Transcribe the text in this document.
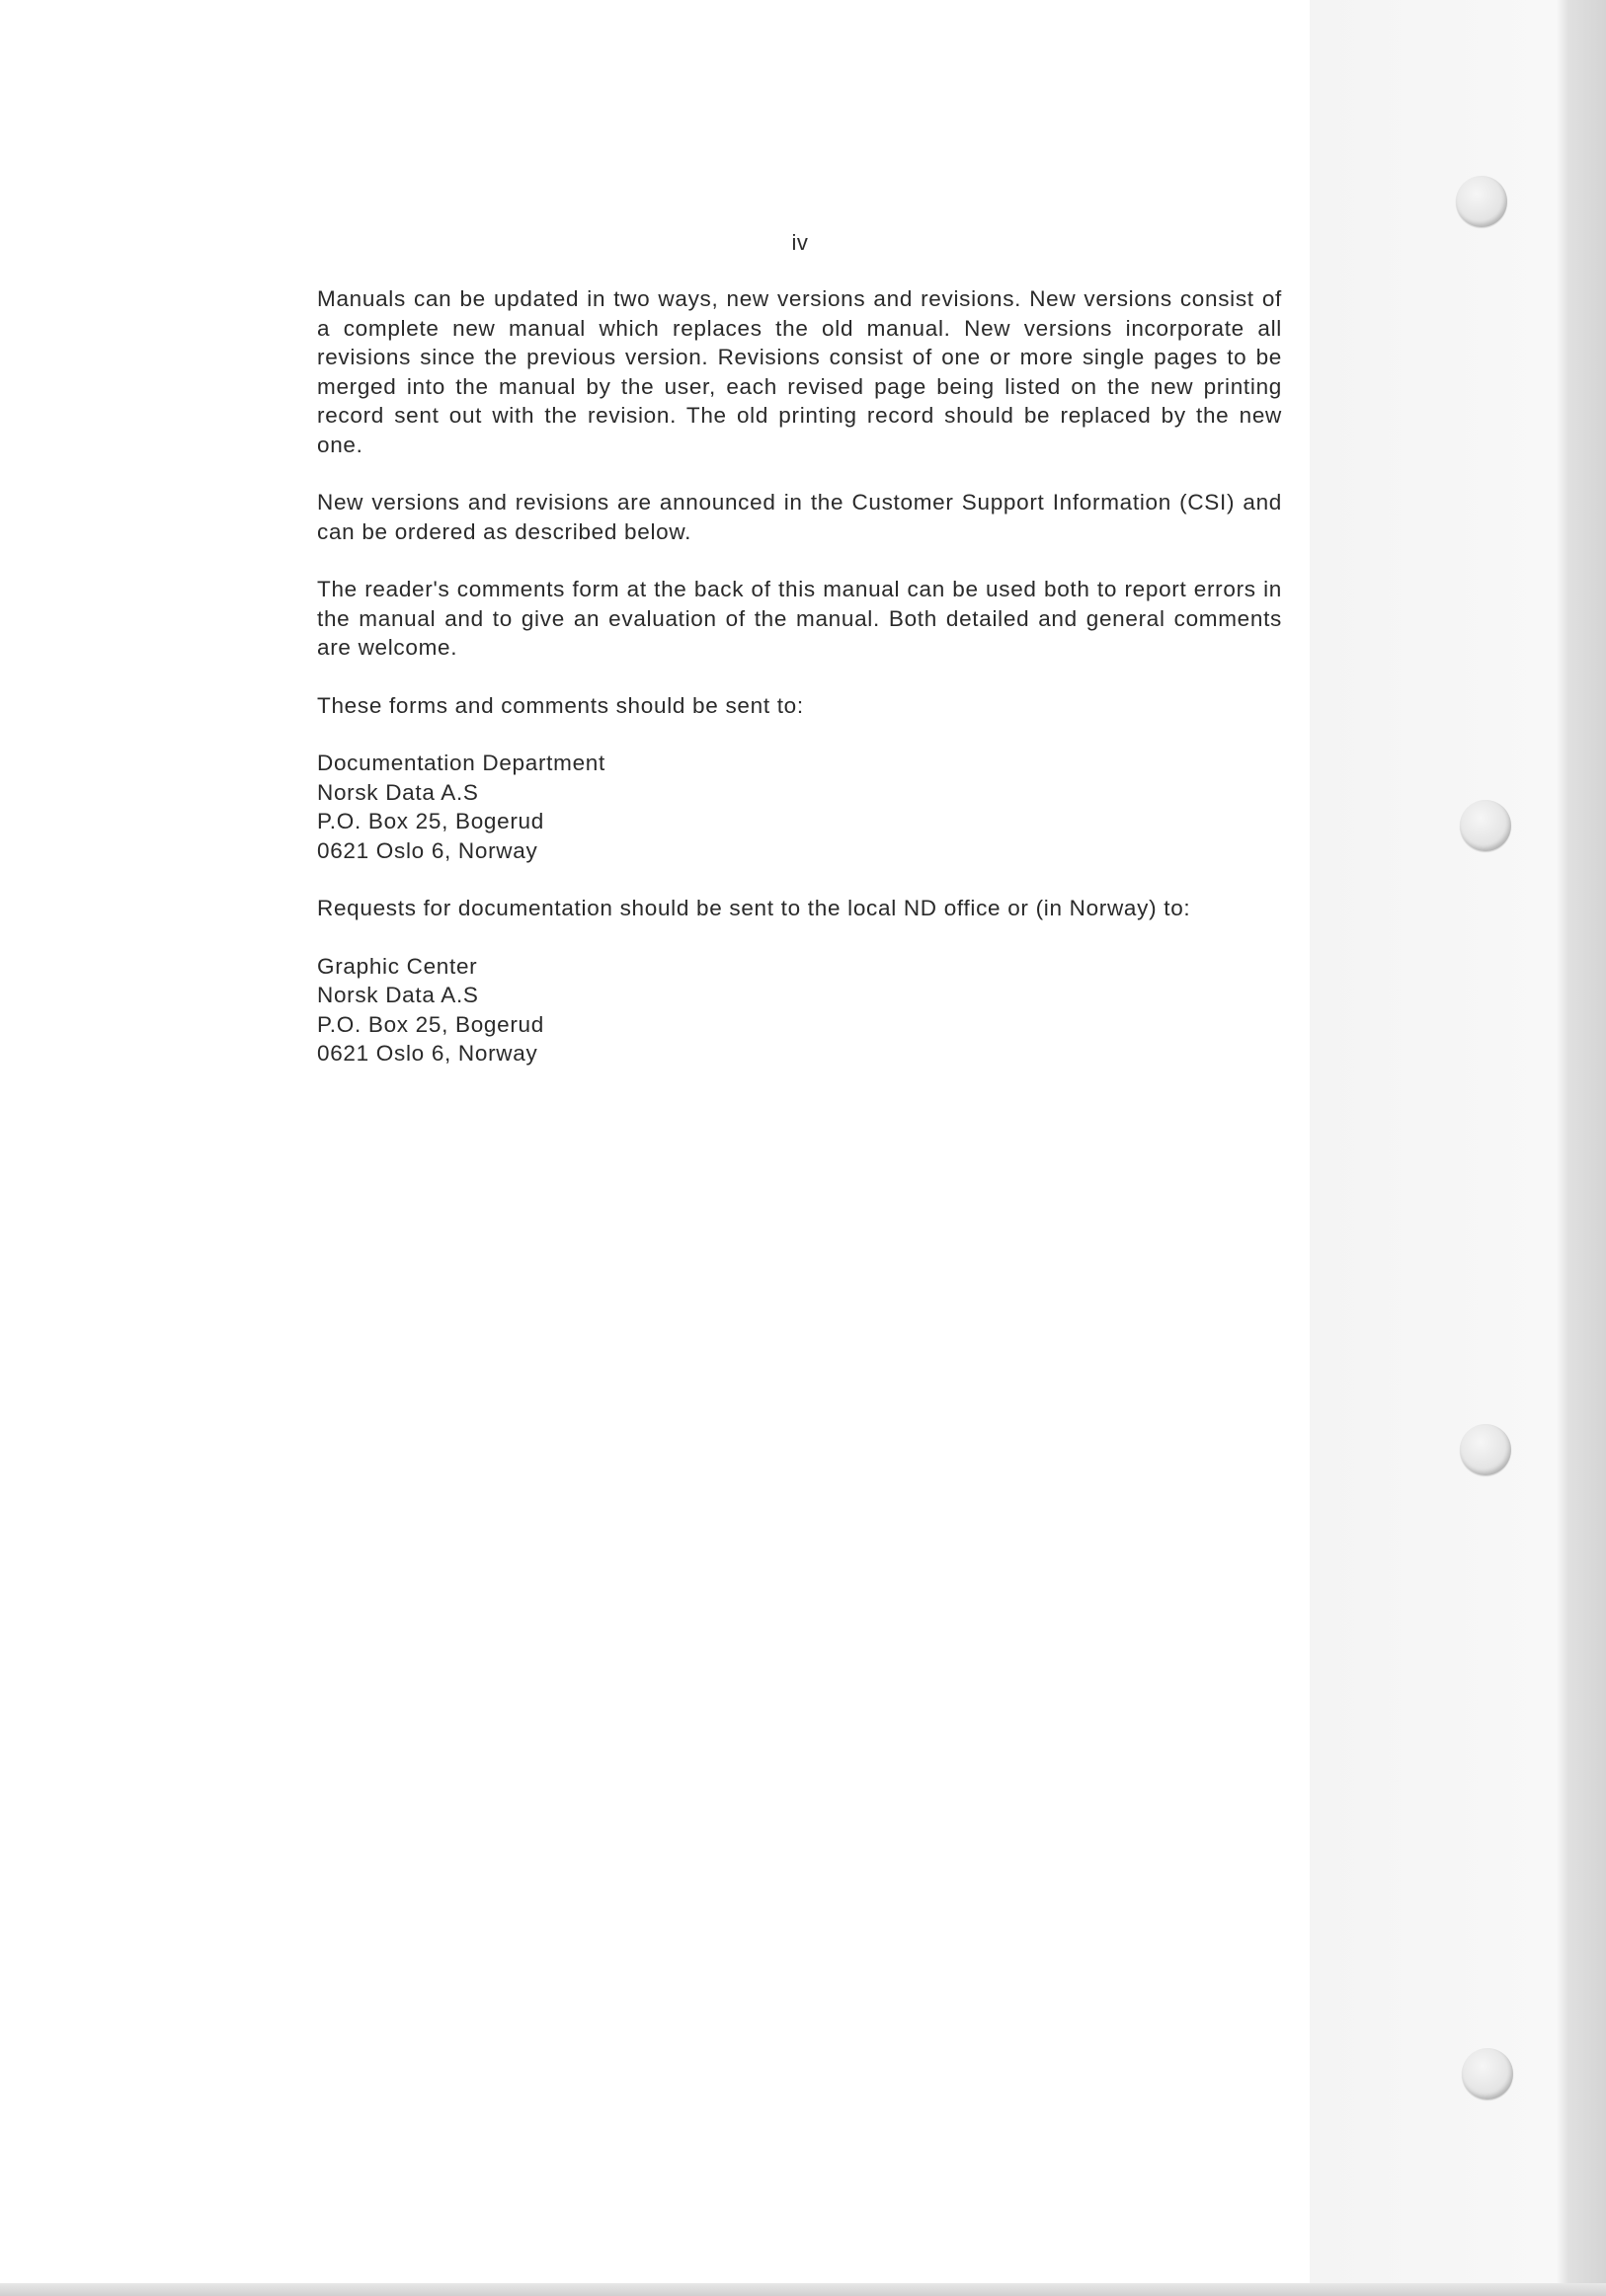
iv

Manuals can be updated in two ways, new versions and revisions. New versions consist of a complete new manual which replaces the old manual. New versions incorporate all revisions since the previous version. Revisions consist of one or more single pages to be merged into the manual by the user, each revised page being listed on the new printing record sent out with the revision. The old printing record should be replaced by the new one.

New versions and revisions are announced in the Customer Support Information (CSI) and can be ordered as described below.

The reader's comments form at the back of this manual can be used both to report errors in the manual and to give an evaluation of the manual. Both detailed and general comments are welcome.

These forms and comments should be sent to:

Documentation Department
Norsk Data A.S
P.O. Box 25, Bogerud
0621 Oslo 6, Norway

Requests for documentation should be sent to the local ND office or (in Norway) to:

Graphic Center
Norsk Data A.S
P.O. Box 25, Bogerud
0621 Oslo 6, Norway
